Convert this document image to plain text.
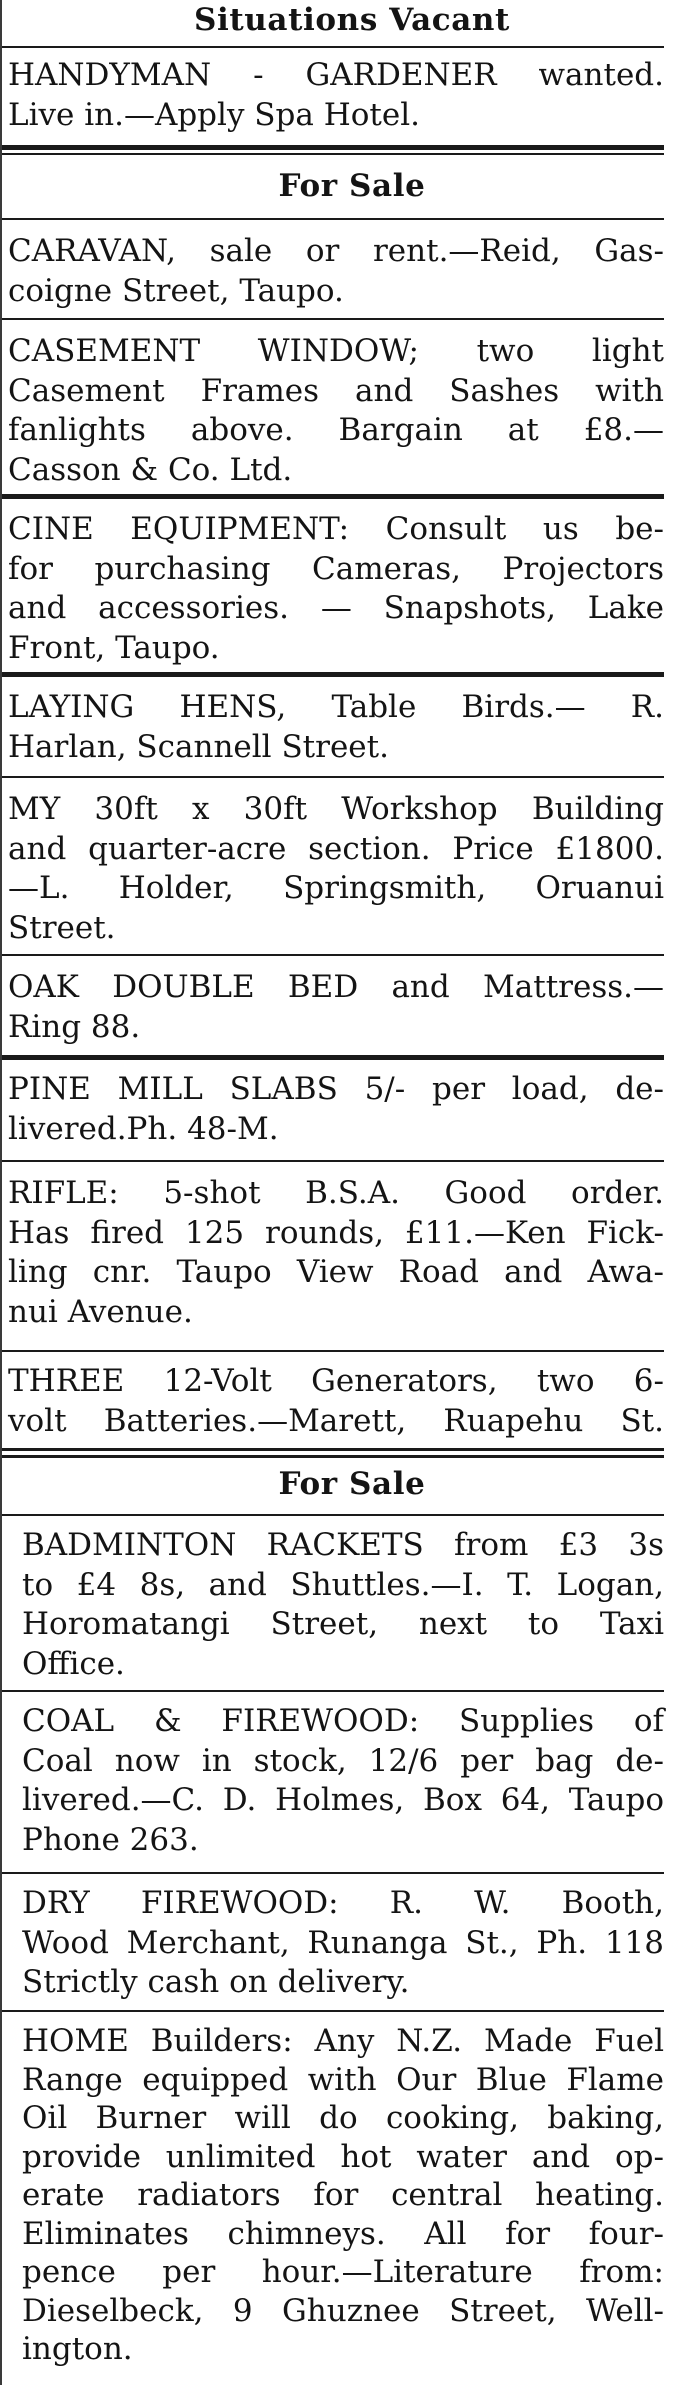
Situations Vacant
HANDYMAN - GARDENER wanted.
Live in.—Apply Spa Hotel.
For Sale
CARAVAN, sale or rent.—Reid, Gas-
coigne Street, Taupo.
CASEMENT WINDOW; two light
Casement Frames and Sashes with
fanlights above. Bargain at £8.—
Casson & Co. Ltd.
CINE EQUIPMENT: Consult us be-
for purchasing Cameras, Projectors
and accessories. — Snapshots, Lake
Front, Taupo.
LAYING HENS, Table Birds.— R.
Harlan, Scannell Street.
MY 30ft x 30ft Workshop Building
and quarter-acre section. Price £1800.
—L. Holder, Springsmith, Oruanui
Street.
OAK DOUBLE BED and Mattress.—
Ring 88.
PINE MILL SLABS 5/- per load, de-
livered.Ph. 48-M.
RIFLE: 5-shot B.S.A. Good order.
Has fired 125 rounds, £11.—Ken Fick-
ling cnr. Taupo View Road and Awa-
nui Avenue.
THREE 12-Volt Generators, two 6-
volt Batteries.—Marett, Ruapehu St.
For Sale
BADMINTON RACKETS from £3 3s
to £4 8s, and Shuttles.—I. T. Logan,
Horomatangi Street, next to Taxi
Office.
COAL & FIREWOOD: Supplies of
Coal now in stock, 12/6 per bag de-
livered.—C. D. Holmes, Box 64, Taupo
Phone 263.
DRY FIREWOOD: R. W. Booth,
Wood Merchant, Runanga St., Ph. 118
Strictly cash on delivery.
HOME Builders: Any N.Z. Made Fuel
Range equipped with Our Blue Flame
Oil Burner will do cooking, baking,
provide unlimited hot water and op-
erate radiators for central heating.
Eliminates chimneys. All for four-
pence per hour.—Literature from:
Dieselbeck, 9 Ghuznee Street, Well-
ington.
